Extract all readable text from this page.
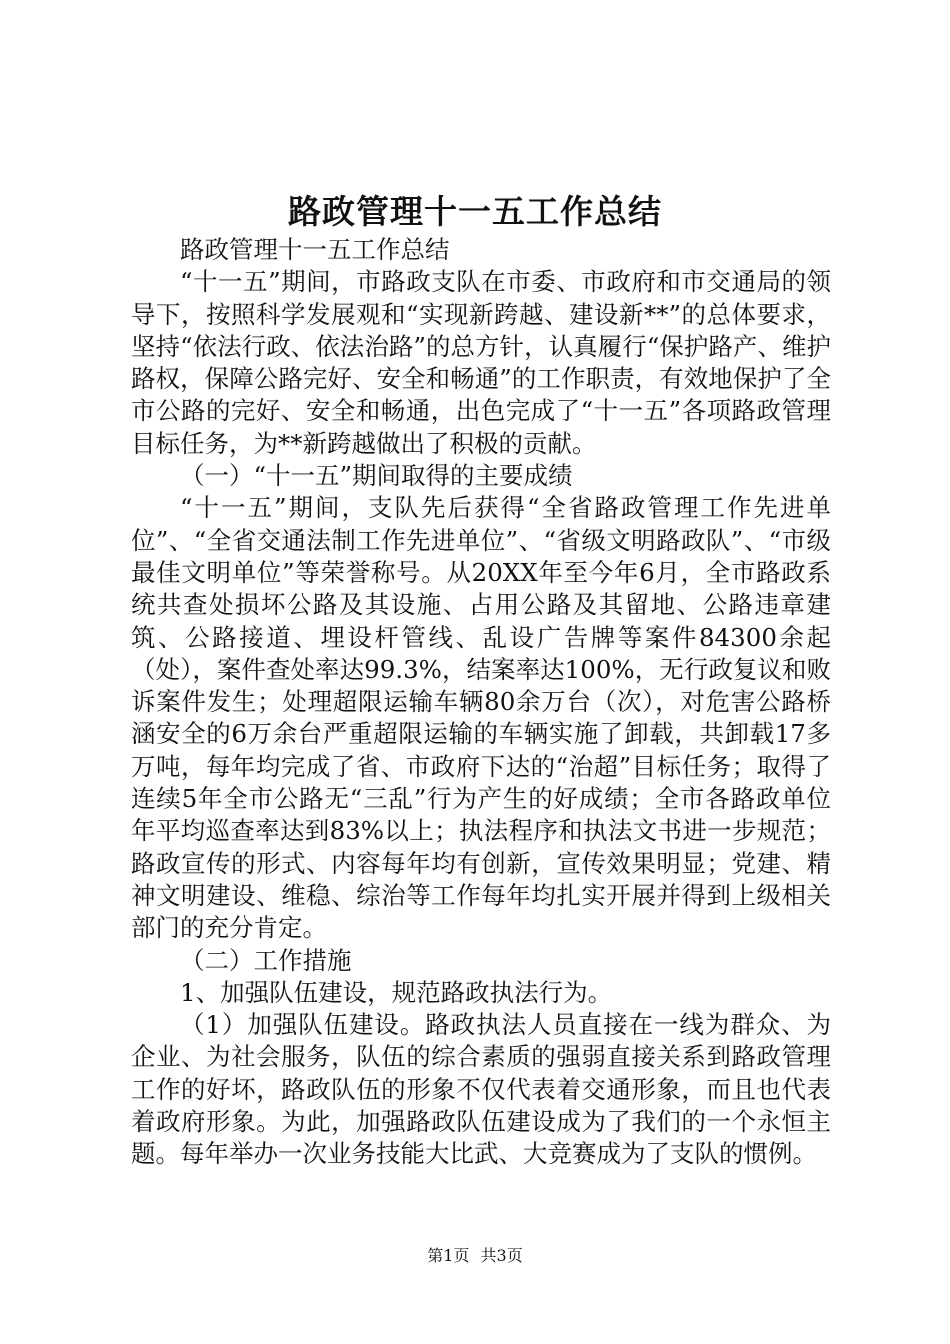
路政管理十一五工作总结

路政管理十一五工作总结

“十一五”期间，市路政支队在市委、市政府和市交通局的领导下，按照科学发展观和“实现新跨越、建设新**”的总体要求，坚持“依法行政、依法治路”的总方针，认真履行“保护路产、维护路权，保障公路完好、安全和畅通”的工作职责，有效地保护了全市公路的完好、安全和畅通，出色完成了“十一五”各项路政管理目标任务，为**新跨越做出了积极的贡献。

（一）“十一五”期间取得的主要成绩

“十一五”期间，支队先后获得“全省路政管理工作先进单位”、“全省交通法制工作先进单位”、“省级文明路政队”、“市级最佳文明单位”等荣誉称号。从20XX年至今年6月，全市路政系统共查处损坏公路及其设施、占用公路及其留地、公路违章建筑、公路接道、埋设杆管线、乱设广告牌等案件84300余起（处），案件查处率达99.3%，结案率达100%，无行政复议和败诉案件发生；处理超限运输车辆80余万台（次），对危害公路桥涵安全的6万余台严重超限运输的车辆实施了卸载，共卸载17多万吨，每年均完成了省、市政府下达的“治超”目标任务；取得了连续5年全市公路无“三乱”行为产生的好成绩；全市各路政单位年平均巡查率达到83%以上；执法程序和执法文书进一步规范；路政宣传的形式、内容每年均有创新，宣传效果明显；党建、精神文明建设、维稳、综治等工作每年均扎实开展并得到上级相关部门的充分肯定。

（二）工作措施

1、加强队伍建设，规范路政执法行为。

（1）加强队伍建设。路政执法人员直接在一线为群众、为企业、为社会服务，队伍的综合素质的强弱直接关系到路政管理工作的好坏，路政队伍的形象不仅代表着交通形象，而且也代表着政府形象。为此，加强路政队伍建设成为了我们的一个永恒主题。每年举办一次业务技能大比武、大竞赛成为了支队的惯例。

第1页 共3页
